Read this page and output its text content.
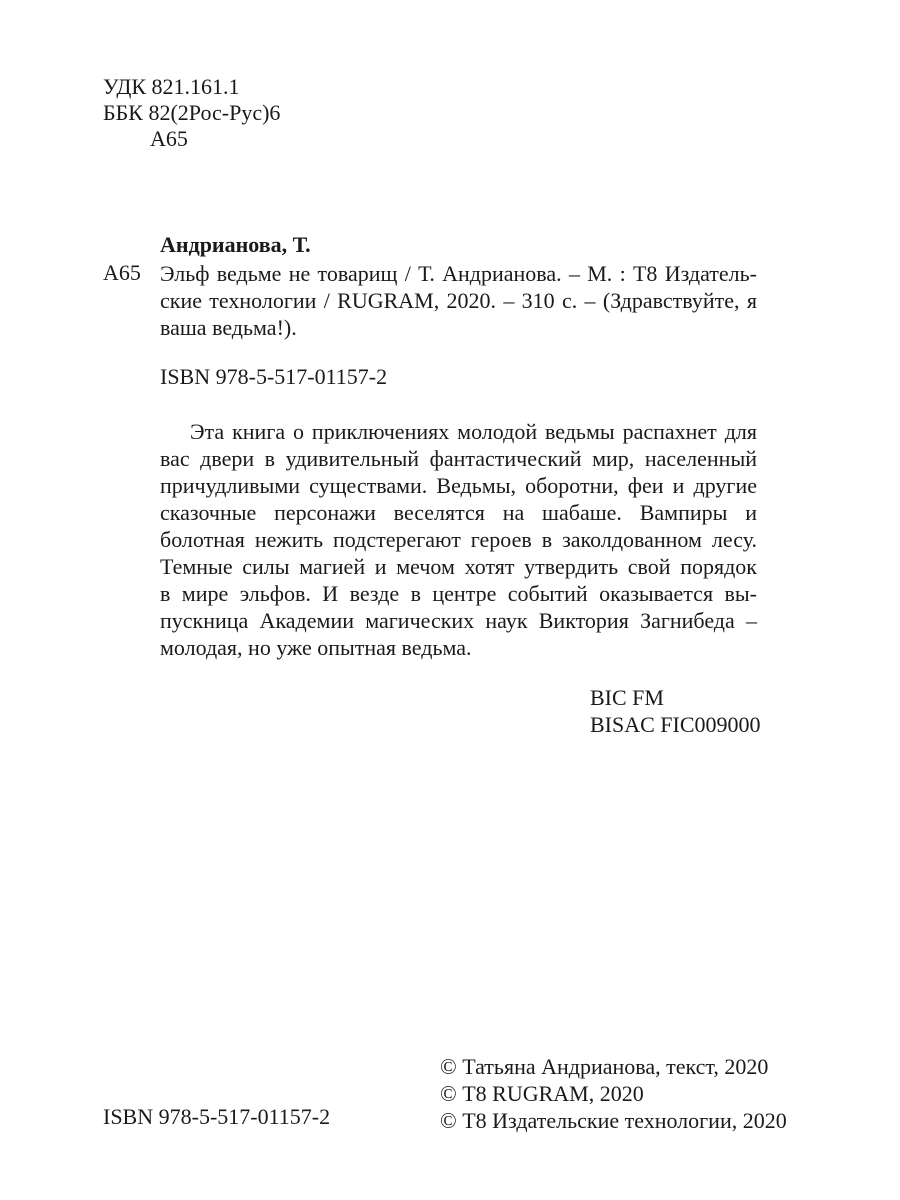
УДК 821.161.1
ББК 82(2Рос-Рус)6
А65
Андрианова, Т.
А65 Эльф ведьме не товарищ / Т. Андрианова. – М. : Т8 Издатель-
ские технологии / RUGRAM, 2020. – 310 с. – (Здравствуйте, я
ваша ведьма!).
ISBN 978-5-517-01157-2
Эта книга о приключениях молодой ведьмы распахнет для
вас двери в удивительный фантастический мир, населенный
причудливыми существами. Ведьмы, оборотни, феи и другие
сказочные персонажи веселятся на шабаше. Вампиры и
болотная нежить подстерегают героев в заколдованном лесу.
Темные силы магией и мечом хотят утвердить свой порядок
в мире эльфов. И везде в центре событий оказывается вы-
пускница Академии магических наук Виктория Загнибеда –
молодая, но уже опытная ведьма.
BIC FM
BISAC FIC009000
ISBN 978-5-517-01157-2
© Татьяна Андрианова, текст, 2020
© Т8 RUGRAM, 2020
© Т8 Издательские технологии, 2020
